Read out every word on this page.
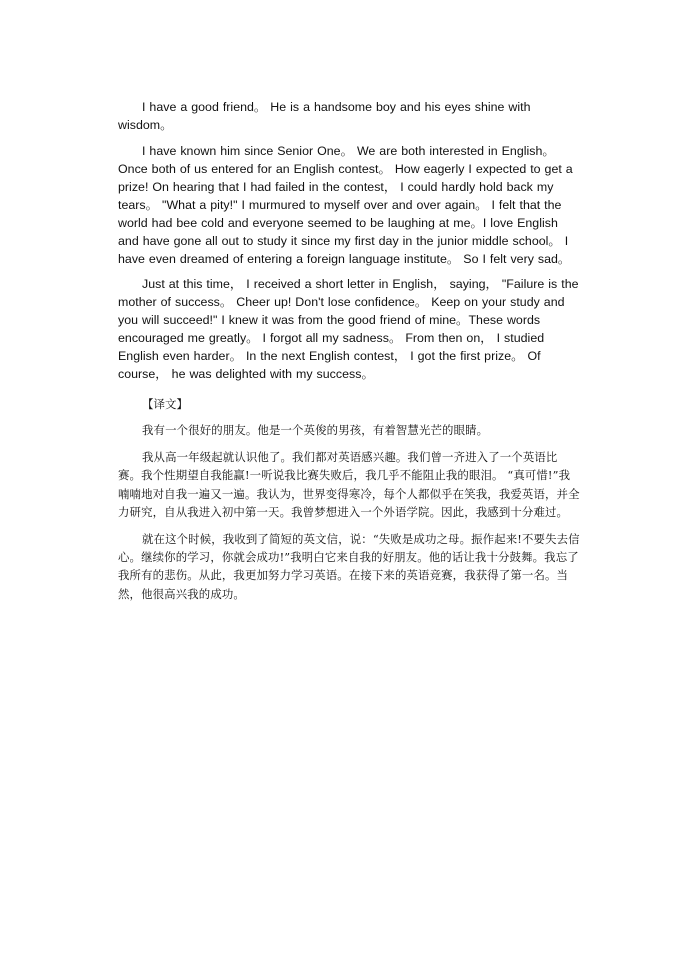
I have a good friend。 He is a handsome boy and his eyes shine with wisdom。

I have known him since Senior One。 We are both interested in English。 Once both of us entered for an English contest。 How eagerly I expected to get a prize! On hearing that I had failed in the contest， I could hardly hold back my tears。 "What a pity!" I murmured to myself over and over again。 I felt that the world had bee cold and everyone seemed to be laughing at me。I love English and have gone all out to study it since my first day in the junior middle school。 I have even dreamed of entering a foreign language institute。 So I felt very sad。

Just at this time， I received a short letter in English， saying， "Failure is the mother of success。 Cheer up! Don't lose confidence。 Keep on your study and you will succeed!" I knew it was from the good friend of mine。These words encouraged me greatly。 I forgot all my sadness。 From then on， I studied English even harder。 In the next English contest， I got the first prize。 Of course， he was delighted with my success。

【译文】

我有一个很好的朋友。他是一个英俊的男孩，有着智慧光芒的眼睛。

我从高一年级起就认识他了。我们都对英语感兴趣。我们曾一齐进入了一个英语比赛。我个性期望自我能赢!一听说我比赛失败后，我几乎不能阻止我的眼泪。 “真可惜!”我喃喃地对自我一遍又一遍。我认为，世界变得寒冷，每个人都似乎在笑我，我爱英语，并全力研究，自从我进入初中第一天。我曾梦想进入一个外语学院。因此，我感到十分难过。

就在这个时候，我收到了简短的英文信，说：“失败是成功之母。振作起来!不要失去信心。继续你的学习，你就会成功!”我明白它来自我的好朋友。他的话让我十分鼓舞。我忘了我所有的悲伤。从此，我更加努力学习英语。在接下来的英语竞赛，我获得了第一名。当然，他很高兴我的成功。
